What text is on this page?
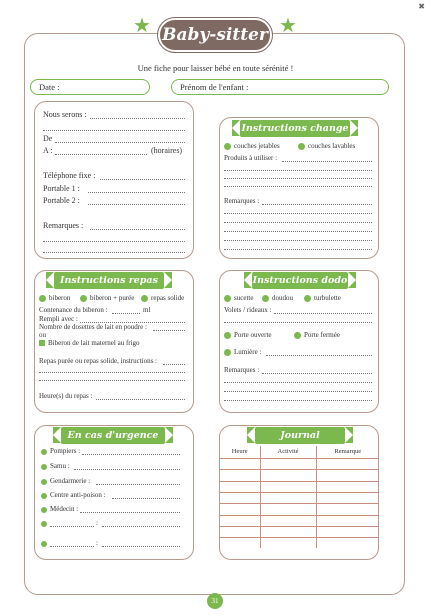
✖
★	★
Baby-sitter
Une fiche pour laisser bébé en toute sérénité !
Date :	Prénom de l'enfant :
Nous serons :
De
A :	(horaires)
Téléphone fixe :
Portable 1 :
Portable 2 :
Remarques :
Instructions change
couches jetables	couches lavables
Produits à utiliser :
Remarques :
Instructions repas
biberon	biberon + purée	repas solide
Contenance du biberon :	ml
Rempli avec :
Nombre de dosettes de lait en poudre :
ou
Biberon de lait maternel au frigo
Repas purée ou repas solide, instructions :
Heure(s) du repas :
Instructions dodo
sucette	doudou	turbulette
Volets / rideaux :
Porte ouverte	Porte fermée
Lumière :
Remarques :
En cas d'urgence
Pompiers :
Samu :
Gendarmerie :
Centre anti-poison :
Médecin :
:
:
Journal
Heure	Activité	Remarque

31
